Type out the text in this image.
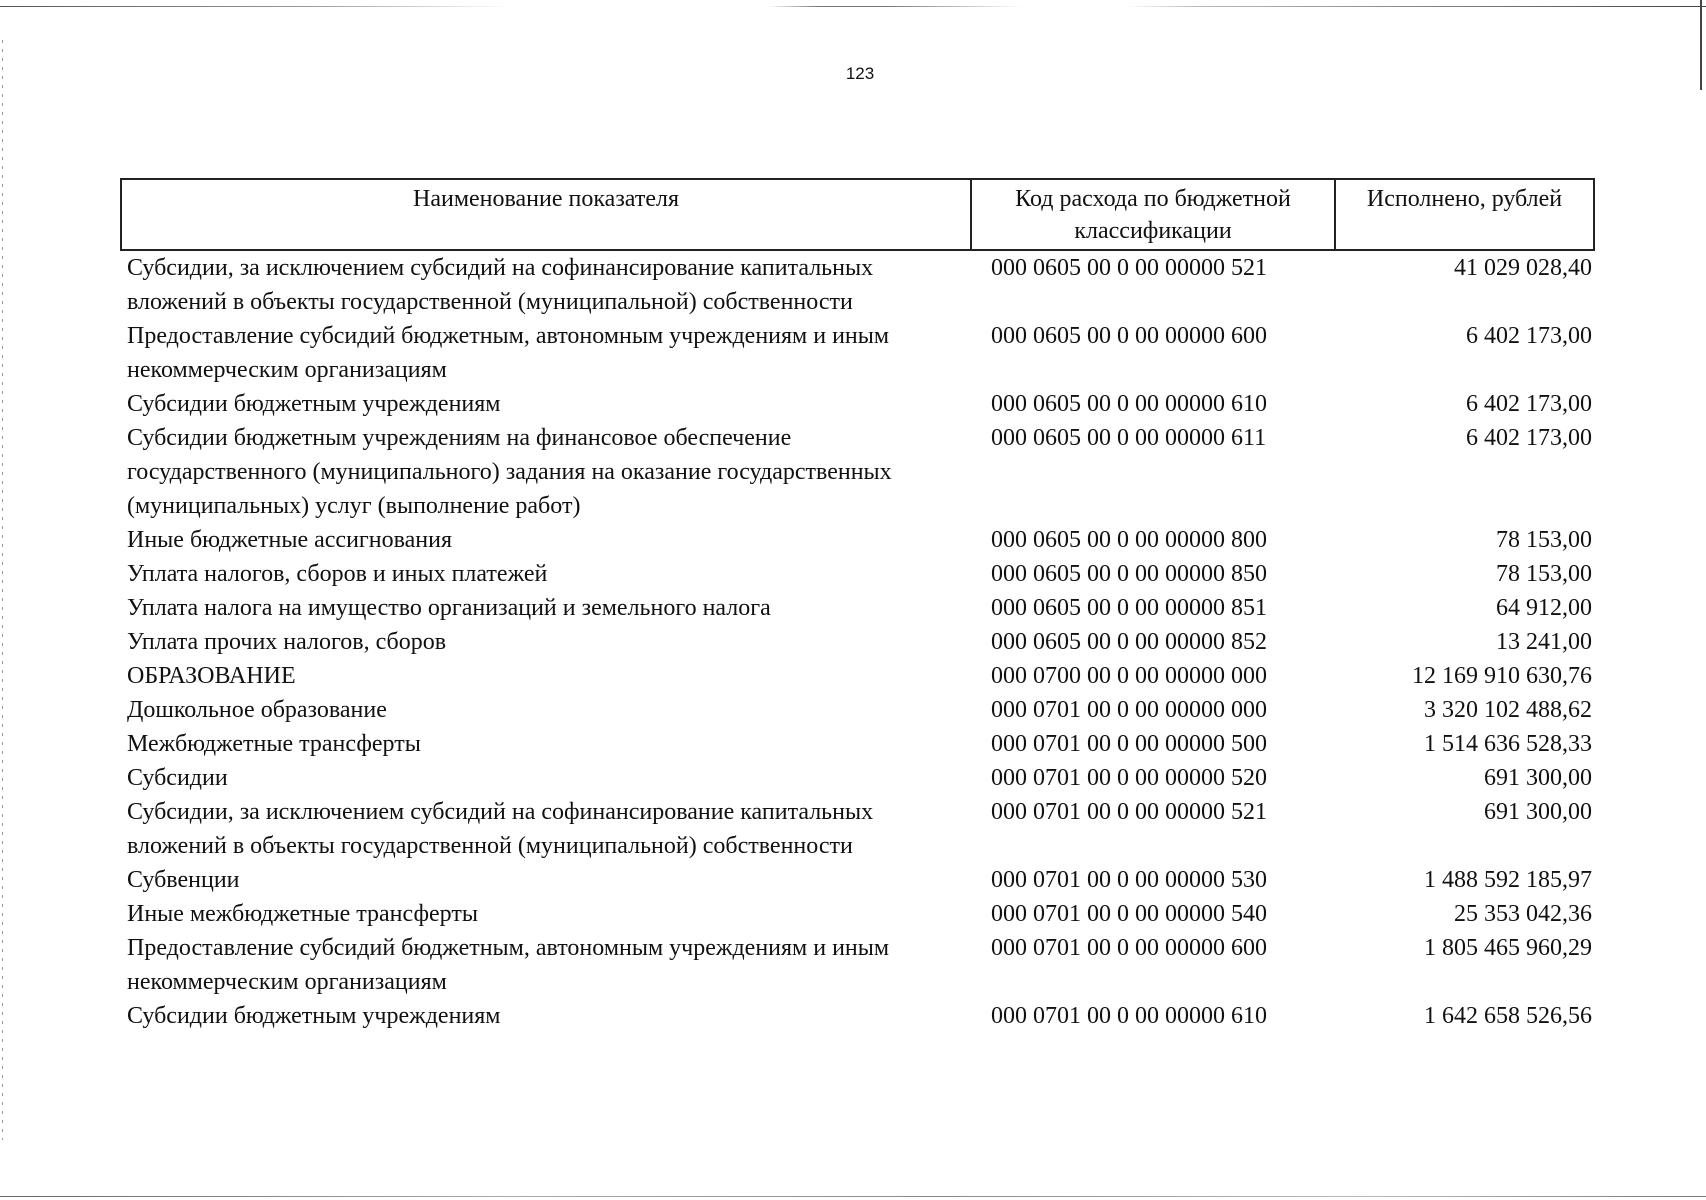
123
Наименование показателя	Код расхода по бюджетной классификации	Исполнено, рублей
Субсидии, за исключением субсидий на софинансирование капитальных вложений в объекты государственной (муниципальной) собственности	000 0605 00 0 00 00000 521	41 029 028,40
Предоставление субсидий бюджетным, автономным учреждениям и иным некоммерческим организациям	000 0605 00 0 00 00000 600	6 402 173,00
Субсидии бюджетным учреждениям	000 0605 00 0 00 00000 610	6 402 173,00
Субсидии бюджетным учреждениям на финансовое обеспечение государственного (муниципального) задания на оказание государственных (муниципальных) услуг (выполнение работ)	000 0605 00 0 00 00000 611	6 402 173,00
Иные бюджетные ассигнования	000 0605 00 0 00 00000 800	78 153,00
Уплата налогов, сборов и иных платежей	000 0605 00 0 00 00000 850	78 153,00
Уплата налога на имущество организаций и земельного налога	000 0605 00 0 00 00000 851	64 912,00
Уплата прочих налогов, сборов	000 0605 00 0 00 00000 852	13 241,00
ОБРАЗОВАНИЕ	000 0700 00 0 00 00000 000	12 169 910 630,76
Дошкольное образование	000 0701 00 0 00 00000 000	3 320 102 488,62
Межбюджетные трансферты	000 0701 00 0 00 00000 500	1 514 636 528,33
Субсидии	000 0701 00 0 00 00000 520	691 300,00
Субсидии, за исключением субсидий на софинансирование капитальных вложений в объекты государственной (муниципальной) собственности	000 0701 00 0 00 00000 521	691 300,00
Субвенции	000 0701 00 0 00 00000 530	1 488 592 185,97
Иные межбюджетные трансферты	000 0701 00 0 00 00000 540	25 353 042,36
Предоставление субсидий бюджетным, автономным учреждениям и иным некоммерческим организациям	000 0701 00 0 00 00000 600	1 805 465 960,29
Субсидии бюджетным учреждениям	000 0701 00 0 00 00000 610	1 642 658 526,56
